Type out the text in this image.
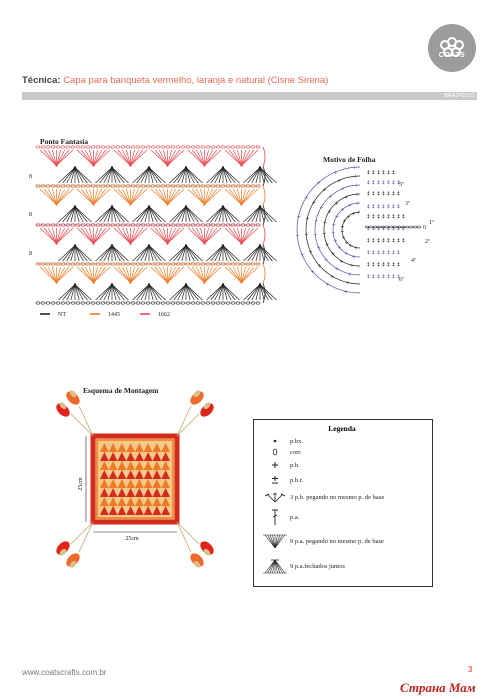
COATS
Técnica: Capa para banqueta vermelho, laranja e natural (Cisne Sirena)
BRA2491/11
Ponto Fantasia
8
8
8
NT	1445	1662
Motivo de Folha
+
+
+
+
+
+
+
+
+ +
+
+
+
+
+
+
+
+
+
+
+
+
+
+
+
+
+
+
+
+
+
+
+
+
+
+
+
+
+
+
+
+
+
+
+
+
+
+
+
+
+
+
+
+
+
+
+
+
+
+
‡ ‡ ‡ ‡ ‡ ‡
‡ ‡ ‡ ‡ ‡ ‡ ‡
‡ ‡ ‡ ‡ ‡ ‡ ‡
‡ ‡ ‡ ‡ ‡ ‡ ‡
‡ ‡ ‡ ‡ ‡ ‡ ‡ ‡
‡ ‡ ‡ ‡ ‡ ‡ ‡ ‡
‡ ‡ ‡ ‡ ‡ ‡ ‡ ‡
‡ ‡ ‡ ‡ ‡ ‡ ‡
‡ ‡ ‡ ‡ ‡ ‡ ‡
‡ ‡ ‡ ‡ ‡ ‡ ‡
0
5ª
3ª
1ª
2ª
4ª
6ª
Esquema de Montagem
25cm
25cm
Legenda
p.bx.
corr.
p.b.
p.b.r.
3 p.b. pegando no mesmo p. de base
p.a.
9 p.a. pegando no mesmo p. de base
9 p.a.fechados juntos
www.coatscrafts.com.br	3
Страна Мам
